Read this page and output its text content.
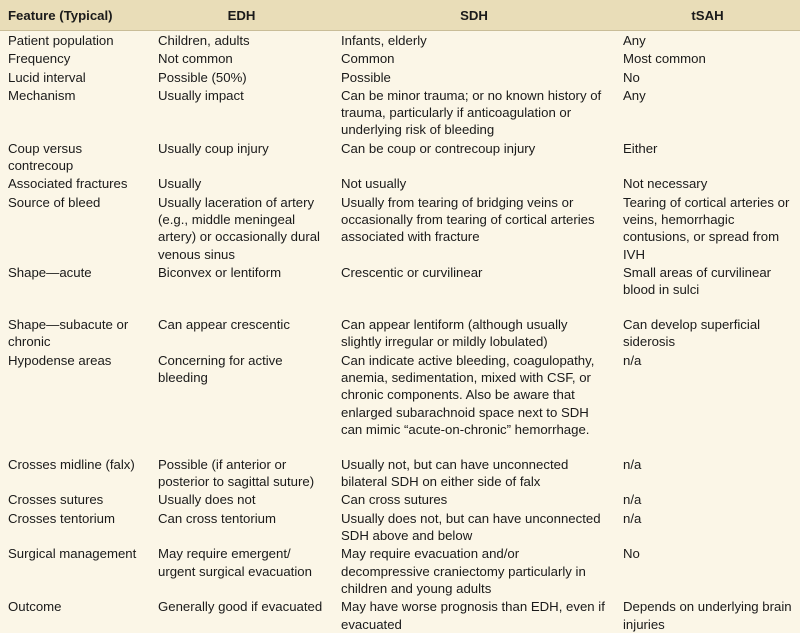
Feature (Typical)	EDH	SDH	tSAH
Patient population	Children, adults	Infants, elderly	Any
Frequency	Not common	Common	Most common
Lucid interval	Possible (50%)	Possible	No
Mechanism	Usually impact	Can be minor trauma; or no known history of trauma, particularly if anticoagulation or underlying risk of bleeding	Any
Coup versus contrecoup	Usually coup injury	Can be coup or contrecoup injury	Either
Associated fractures	Usually	Not usually	Not necessary
Source of bleed	Usually laceration of artery (e.g., middle meningeal artery) or occasionally dural venous sinus	Usually from tearing of bridging veins or occasionally from tearing of cortical arteries associated with fracture	Tearing of cortical arteries or veins, hemorrhagic contusions, or spread from IVH
Shape—acute	Biconvex or lentiform	Crescentic or curvilinear	Small areas of curvilinear blood in sulci
Shape—subacute or chronic	Can appear crescentic	Can appear lentiform (although usually slightly irregular or mildly lobulated)	Can develop superficial siderosis
Hypodense areas	Concerning for active bleeding	Can indicate active bleeding, coagulopathy, anemia, sedimentation, mixed with CSF, or chronic components. Also be aware that enlarged subarachnoid space next to SDH can mimic “acute-on-chronic” hemorrhage.	n/a
Crosses midline (falx)	Possible (if anterior or posterior to sagittal suture)	Usually not, but can have unconnected bilateral SDH on either side of falx	n/a
Crosses sutures	Usually does not	Can cross sutures	n/a
Crosses tentorium	Can cross tentorium	Usually does not, but can have unconnected SDH above and below	n/a
Surgical management	May require emergent/ urgent surgical evacuation	May require evacuation and/or decompressive craniectomy particularly in children and young adults	No
Outcome	Generally good if evacuated	May have worse prognosis than EDH, even if evacuated	Depends on underlying brain injuries
